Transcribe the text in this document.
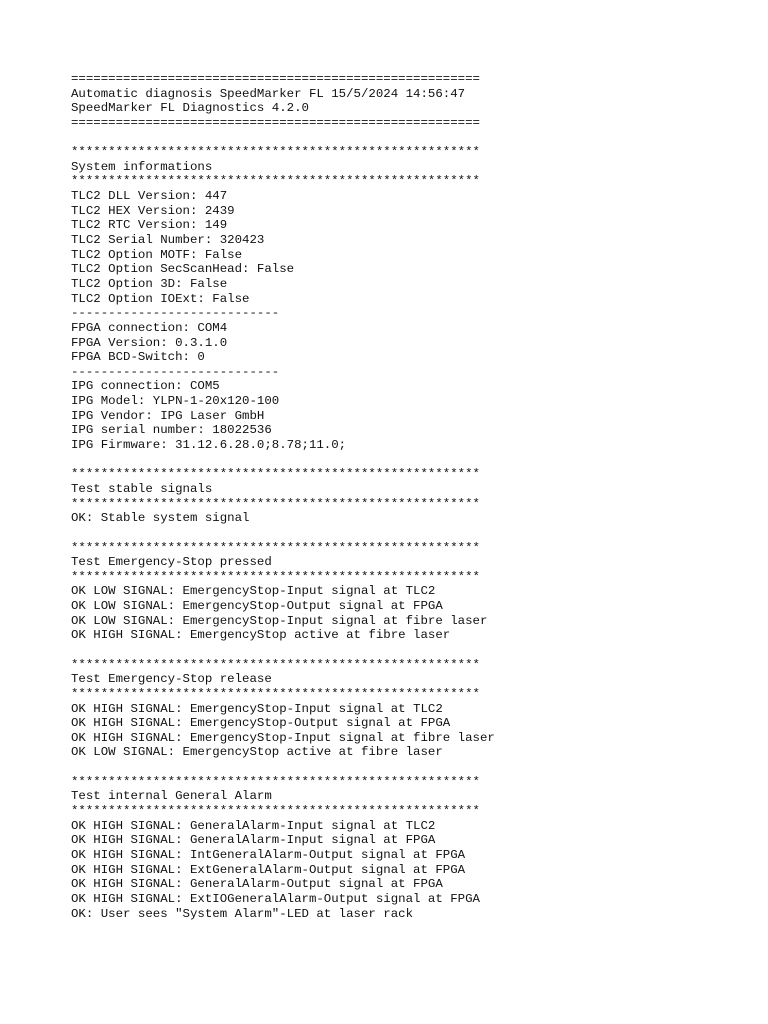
=======================================================
Automatic diagnosis SpeedMarker FL 15/5/2024 14:56:47
SpeedMarker FL Diagnostics 4.2.0
=======================================================
*******************************************************
System informations
*******************************************************
TLC2 DLL Version: 447
TLC2 HEX Version: 2439
TLC2 RTC Version: 149
TLC2 Serial Number: 320423
TLC2 Option MOTF: False
TLC2 Option SecScanHead: False
TLC2 Option 3D: False
TLC2 Option IOExt: False
----------------------------
FPGA connection: COM4
FPGA Version: 0.3.1.0
FPGA BCD-Switch: 0
----------------------------
IPG connection: COM5
IPG Model: YLPN-1-20x120-100
IPG Vendor: IPG Laser GmbH
IPG serial number: 18022536
IPG Firmware: 31.12.6.28.0;8.78;11.0;
*******************************************************
Test stable signals
*******************************************************
OK: Stable system signal
*******************************************************
Test Emergency-Stop pressed
*******************************************************
OK LOW SIGNAL: EmergencyStop-Input signal at TLC2
OK LOW SIGNAL: EmergencyStop-Output signal at FPGA
OK LOW SIGNAL: EmergencyStop-Input signal at fibre laser
OK HIGH SIGNAL: EmergencyStop active at fibre laser
*******************************************************
Test Emergency-Stop release
*******************************************************
OK HIGH SIGNAL: EmergencyStop-Input signal at TLC2
OK HIGH SIGNAL: EmergencyStop-Output signal at FPGA
OK HIGH SIGNAL: EmergencyStop-Input signal at fibre laser
OK LOW SIGNAL: EmergencyStop active at fibre laser
*******************************************************
Test internal General Alarm
*******************************************************
OK HIGH SIGNAL: GeneralAlarm-Input signal at TLC2
OK HIGH SIGNAL: GeneralAlarm-Input signal at FPGA
OK HIGH SIGNAL: IntGeneralAlarm-Output signal at FPGA
OK HIGH SIGNAL: ExtGeneralAlarm-Output signal at FPGA
OK HIGH SIGNAL: GeneralAlarm-Output signal at FPGA
OK HIGH SIGNAL: ExtIOGeneralAlarm-Output signal at FPGA
OK: User sees "System Alarm"-LED at laser rack
